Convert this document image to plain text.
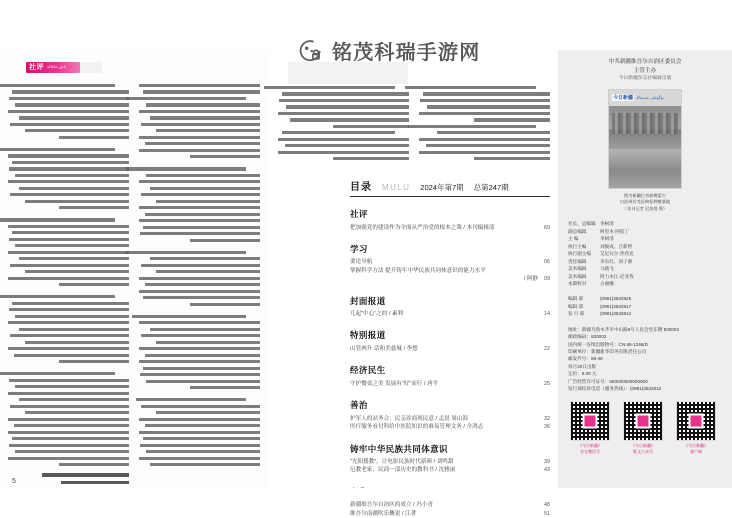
社评 باش ماقالە
5
目录 MULU 2024年第7期 总第247期
社评
把加强党的建设作为全面从严治党的根本之策 / 本刊编辑部	60
学习
要论导航	06
掌握科学方法 提升铸牢中华民族共同体意识的能力水平
/ 阿静 09
封面报道
兀起“中心”之的 / 素利	14
特别报道
山管两升 话和美慈城 / 李想	22
经济民生
守护餐桌之美 发展有“好”而行 / 唐平	25
善治
护军人的站务合：民亲诊商现民意 / 孟晨 周山海	32
医疗服务看付科给中医院知识的难易管理文务 / 全鸿志	36
铸牢中华民族共同体意识
“光阳援教”，让电影民族时代新颜 / 刘鸣甜	39
厄教老家，民商一部历史的教科书 / 沈雅丽	43
新疆维吾尔自治区的成立 / 冯小青	48
维吾尔南疆吹乐概说 / 江著	51
中共新疆维吾尔自治区委员会
主管主办
今日新疆杂志社编辑出版
今日新疆 بۈگۈنكى شىنجاڭ
图为新疆巴音郭楞蒙古
自治州若羌县枸杞种植基地
（本刊记者 尼加提 摄）
社长、总编辑 李树清
副总编辑	阿里木·阿依丁
主 编	李树清
执行主编	刘俊成、吕新智
执行副主编 艾尼瓦尔·热孜克
责任编辑	李东红、刘子源
美术编辑	马晓飞
美术编辑	阿力木江·尼亚孜
本期校对	古丽娜
编辑 部	(0991)3532825
编辑 部	(0991)3532817
发 行 部	(0991)3532812
地址：新疆乌鲁木齐市中山路8号人民会堂东侧 830002
邮政编码：830002
国内统一连续出版物号：CN 65-1246/D
印刷单位：新疆新华印务有限责任公司
邮发代号：58-48
每月20日出版
定价：6.00 元
广告经营许可证号：650000000000000
发行部投诉电话（服务热线）：(0991)3532812
《今日新疆》
官方微信号
《今日新疆》
维文公众号
《今日新疆》
客户端
铭茂科瑞手游网
